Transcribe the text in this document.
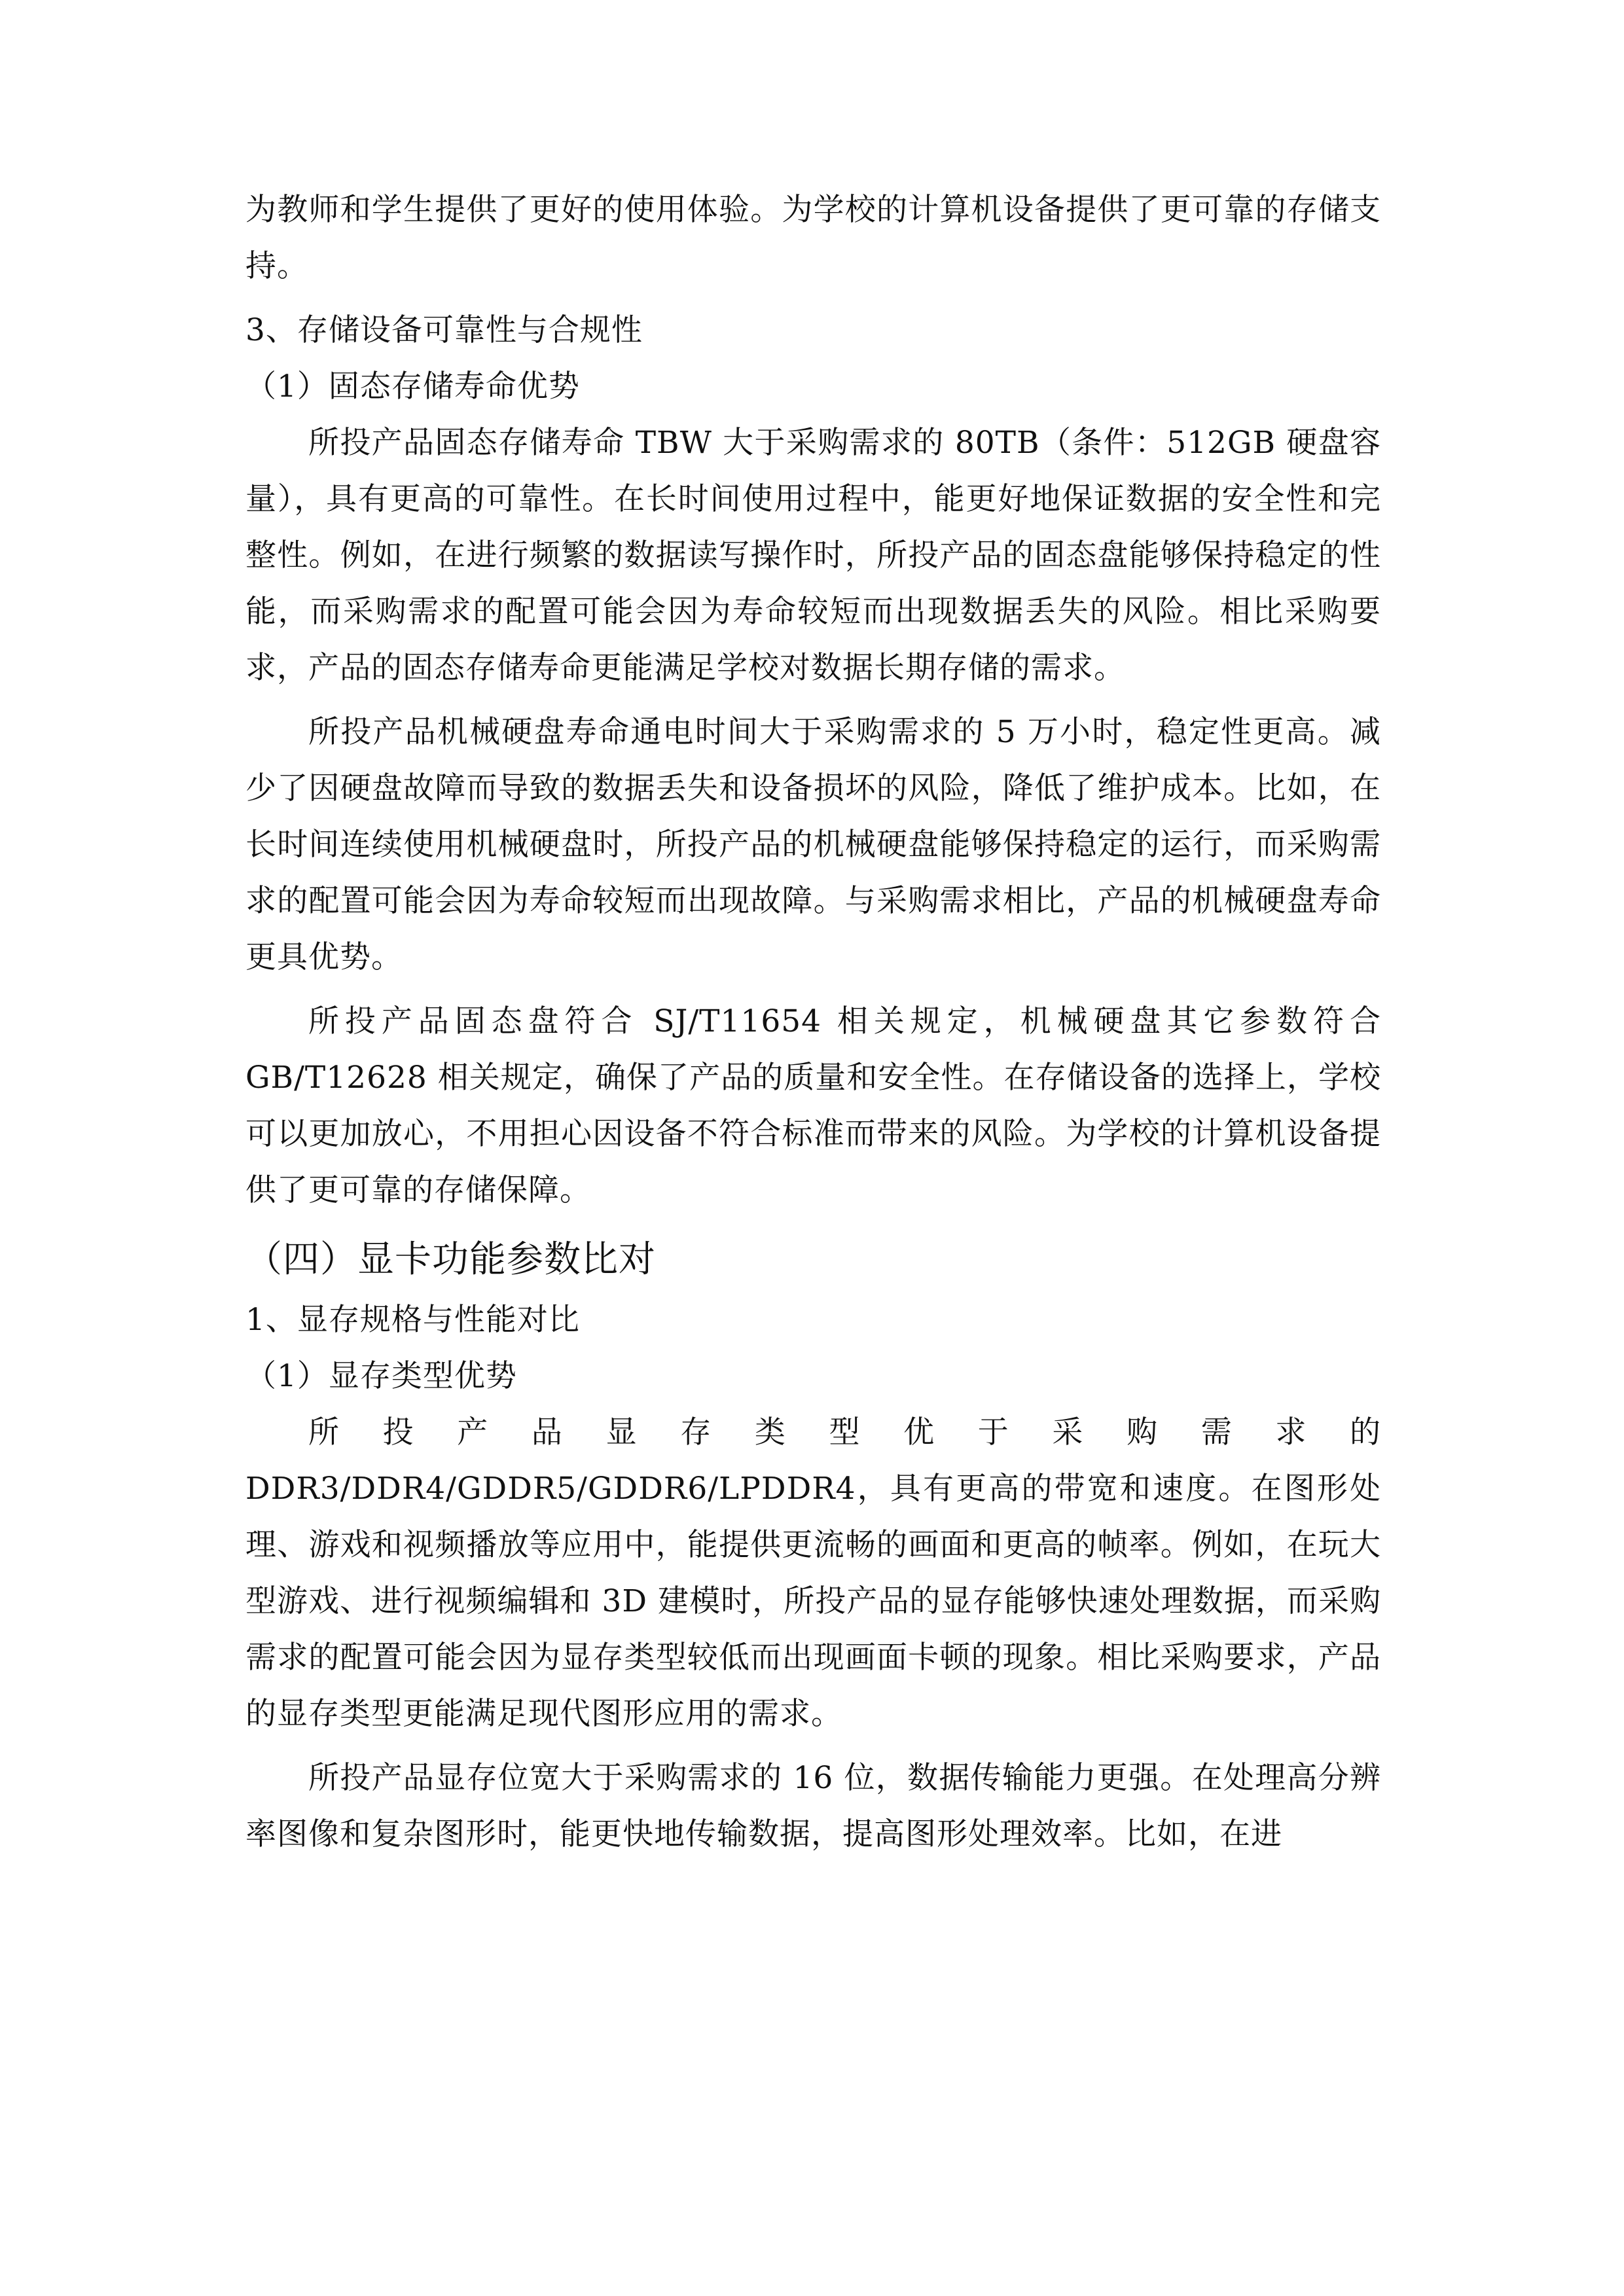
为教师和学生提供了更好的使用体验。为学校的计算机设备提供了更可靠的存储支持。

3、存储设备可靠性与合规性

（1）固态存储寿命优势

所投产品固态存储寿命 TBW 大于采购需求的 80TB（条件：512GB 硬盘容量），具有更高的可靠性。在长时间使用过程中，能更好地保证数据的安全性和完整性。例如，在进行频繁的数据读写操作时，所投产品的固态盘能够保持稳定的性能，而采购需求的配置可能会因为寿命较短而出现数据丢失的风险。相比采购要求，产品的固态存储寿命更能满足学校对数据长期存储的需求。

所投产品机械硬盘寿命通电时间大于采购需求的 5 万小时，稳定性更高。减少了因硬盘故障而导致的数据丢失和设备损坏的风险，降低了维护成本。比如，在长时间连续使用机械硬盘时，所投产品的机械硬盘能够保持稳定的运行，而采购需求的配置可能会因为寿命较短而出现故障。与采购需求相比，产品的机械硬盘寿命更具优势。

所投产品固态盘符合 SJ/T11654 相关规定，机械硬盘其它参数符合 GB/T12628 相关规定，确保了产品的质量和安全性。在存储设备的选择上，学校可以更加放心，不用担心因设备不符合标准而带来的风险。为学校的计算机设备提供了更可靠的存储保障。

（四）显卡功能参数比对

1、显存规格与性能对比

（1）显存类型优势

所投产品显存类型优于采购需求的 DDR3/DDR4/GDDR5/GDDR6/LPDDR4，具有更高的带宽和速度。在图形处理、游戏和视频播放等应用中，能提供更流畅的画面和更高的帧率。例如，在玩大型游戏、进行视频编辑和 3D 建模时，所投产品的显存能够快速处理数据，而采购需求的配置可能会因为显存类型较低而出现画面卡顿的现象。相比采购要求，产品的显存类型更能满足现代图形应用的需求。

所投产品显存位宽大于采购需求的 16 位，数据传输能力更强。在处理高分辨率图像和复杂图形时，能更快地传输数据，提高图形处理效率。比如，在进
